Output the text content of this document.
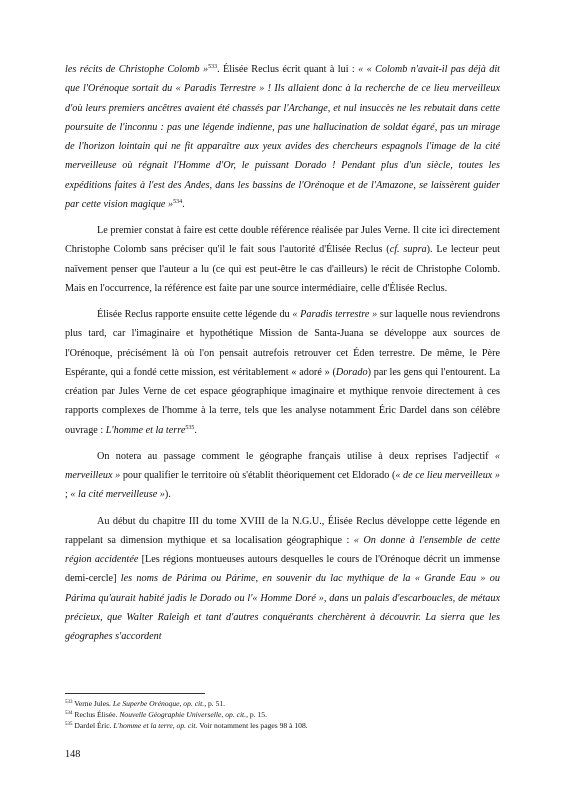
les récits de Christophe Colomb »$^{533}$. Élisée Reclus écrit quant à lui : « « Colomb n'avait-il pas déjà dit que l'Orénoque sortait du « Paradis Terrestre » ! Ils allaient donc à la recherche de ce lieu merveilleux d'où leurs premiers ancêtres avaient été chassés par l'Archange, et nul insuccès ne les rebutait dans cette poursuite de l'inconnu : pas une légende indienne, pas une hallucination de soldat égaré, pas un mirage de l'horizon lointain qui ne fit apparaître aux yeux avides des chercheurs espagnols l'image de la cité merveilleuse où régnait l'Homme d'Or, le puissant Dorado ! Pendant plus d'un siècle, toutes les expéditions faites à l'est des Andes, dans les bassins de l'Orénoque et de l'Amazone, se laissèrent guider par cette vision magique »$^{534}$.

Le premier constat à faire est cette double référence réalisée par Jules Verne. Il cite ici directement Christophe Colomb sans préciser qu'il le fait sous l'autorité d'Élisée Reclus (cf. supra). Le lecteur peut naïvement penser que l'auteur a lu (ce qui est peut-être le cas d'ailleurs) le récit de Christophe Colomb. Mais en l'occurrence, la référence est faite par une source intermédiaire, celle d'Élisée Reclus.

Élisée Reclus rapporte ensuite cette légende du « Paradis terrestre » sur laquelle nous reviendrons plus tard, car l'imaginaire et hypothétique Mission de Santa-Juana se développe aux sources de l'Orénoque, précisément là où l'on pensait autrefois retrouver cet Éden terrestre. De même, le Père Espérante, qui a fondé cette mission, est véritablement « adoré » (Dorado) par les gens qui l'entourent. La création par Jules Verne de cet espace géographique imaginaire et mythique renvoie directement à ces rapports complexes de l'homme à la terre, tels que les analyse notamment Éric Dardel dans son célèbre ouvrage : L'homme et la terre$^{535}$.

On notera au passage comment le géographe français utilise à deux reprises l'adjectif « merveilleux » pour qualifier le territoire où s'établit théoriquement cet Eldorado (« de ce lieu merveilleux » ; « la cité merveilleuse »).

Au début du chapitre III du tome XVIII de la N.G.U., Élisée Reclus développe cette légende en rappelant sa dimension mythique et sa localisation géographique : « On donne à l'ensemble de cette région accidentée [Les régions montueuses autours desquelles le cours de l'Orénoque décrit un immense demi-cercle] les noms de Párima ou Párime, en souvenir du lac mythique de la « Grande Eau » ou Párima qu'aurait habité jadis le Dorado ou l'« Homme Doré », dans un palais d'escarboucles, de métaux précieux, que Walter Raleigh et tant d'autres conquérants cherchèrent à découvrir. La sierra que les géographes s'accordent

$^{533}$ Verne Jules. Le Superbe Orénoque, op. cit., p. 51.
$^{534}$ Reclus Élisée. Nouvelle Géographie Universelle, op. cit., p. 15.
$^{535}$ Dardel Éric. L'homme et la terre, op. cit. Voir notamment les pages 98 à 108.
148
